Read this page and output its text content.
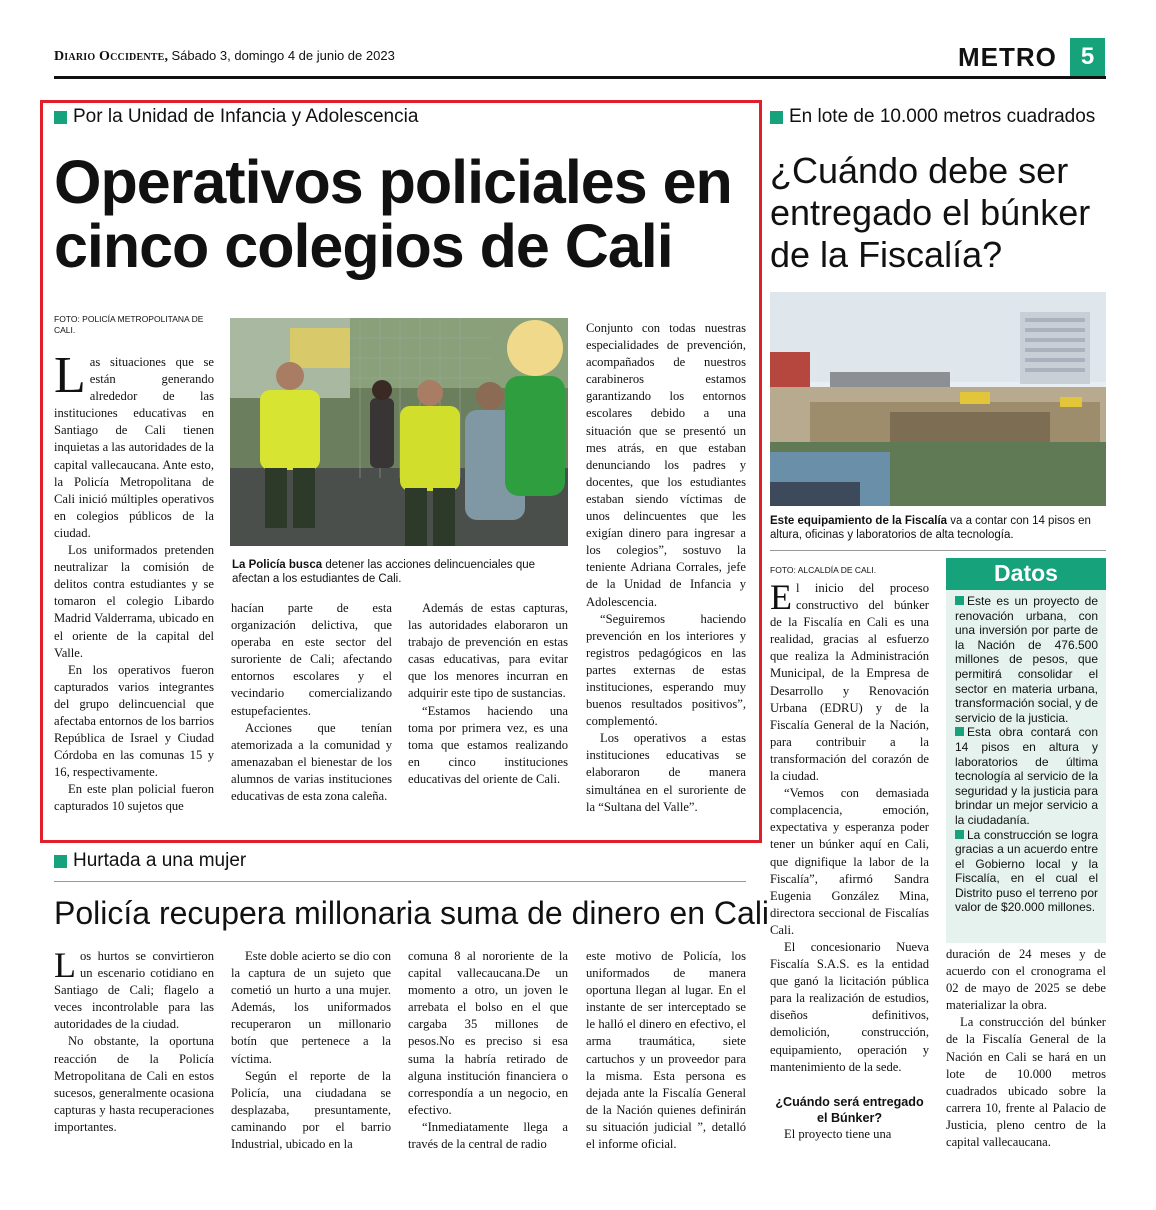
Diario Occidente, Sábado 3, domingo 4 de junio de 2023	METRO 5
Por la Unidad de Infancia y Adolescencia
Operativos policiales en cinco colegios de Cali
FOTO: POLICÍA METROPOLITANA DE CALI.

Las situaciones que se están generando alrededor de las instituciones educativas en Santiago de Cali tienen inquietas a las autoridades de la capital vallecaucana. Ante esto, la Policía Metropolitana de Cali inició múltiples operativos en colegios públicos de la ciudad.

Los uniformados pretenden neutralizar la comisión de delitos contra estudiantes y se tomaron el colegio Libardo Madrid Valderrama, ubicado en el oriente de la capital del Valle.

En los operativos fueron capturados varios integrantes del grupo delincuencial que afectaba entornos de los barrios República de Israel y Ciudad Córdoba en las comunas 15 y 16, respectivamente.

En este plan policial fueron capturados 10 sujetos que

La Policía busca detener las acciones delincuenciales que afectan a los estudiantes de Cali.

hacían parte de esta organización delictiva, que operaba en este sector del suroriente de Cali; afectando entornos escolares y el vecindario comercializando estupefacientes.

Acciones que tenían atemorizada a la comunidad y amenazaban el bienestar de los alumnos de varias instituciones educativas de esta zona caleña.

Además de estas capturas, las autoridades elaboraron un trabajo de prevención en estas casas educativas, para evitar que los menores incurran en adquirir este tipo de sustancias.

“Estamos haciendo una toma por primera vez, es una toma que estamos realizando en cinco instituciones educativas del oriente de Cali.

Conjunto con todas nuestras especialidades de prevención, acompañados de nuestros carabineros estamos garantizando los entornos escolares debido a una situación que se presentó un mes atrás, en que estaban denunciando los padres y docentes, que los estudiantes estaban siendo víctimas de unos delincuentes que les exigían dinero para ingresar a los colegios”, sostuvo la teniente Adriana Corrales, jefe de la Unidad de Infancia y Adolescencia.

“Seguiremos haciendo prevención en los interiores y registros pedagógicos en las partes externas de estas instituciones, esperando muy buenos resultados positivos”, complementó.

Los operativos a estas instituciones educativas se elaboraron de manera simultánea en el suroriente de la “Sultana del Valle”.

En lote de 10.000 metros cuadrados
¿Cuándo debe ser entregado el búnker de la Fiscalía?
Este equipamiento de la Fiscalía va a contar con 14 pisos en altura, oficinas y laboratorios de alta tecnología.
FOTO: ALCALDÍA DE CALI.

El inicio del proceso constructivo del búnker de la Fiscalía en Cali es una realidad, gracias al esfuerzo que realiza la Administración Municipal, de la Empresa de Desarrollo y Renovación Urbana (EDRU) y de la Fiscalía General de la Nación, para contribuir a la transformación del corazón de la ciudad.

“Vemos con demasiada complacencia, emoción, expectativa y esperanza poder tener un búnker aquí en Cali, que dignifique la labor de la Fiscalía”, afirmó Sandra Eugenia González Mina, directora seccional de Fiscalías Cali.

El concesionario Nueva Fiscalía S.A.S. es la entidad que ganó la licitación pública para la realización de estudios, diseños definitivos, demolición, construcción, equipamiento, operación y mantenimiento de la sede.

¿Cuándo será entregado el Búnker?

El proyecto tiene una

Datos
Este es un proyecto de renovación urbana, con una inversión por parte de la Nación de 476.500 millones de pesos, que permitirá consolidar el sector en materia urbana, transformación social, y de servicio de la justicia.
Esta obra contará con 14 pisos en altura y laboratorios de última tecnología al servicio de la seguridad y la justicia para brindar un mejor servicio a la ciudadanía.
La construcción se logra gracias a un acuerdo entre el Gobierno local y la Fiscalía, en el cual el Distrito puso el terreno por valor de $20.000 millones.

duración de 24 meses y de acuerdo con el cronograma el 02 de mayo de 2025 se debe materializar la obra.

La construcción del búnker de la Fiscalía General de la Nación en Cali se hará en un lote de 10.000 metros cuadrados ubicado sobre la carrera 10, frente al Palacio de Justicia, pleno centro de la capital vallecaucana.

Hurtada a una mujer
Policía recupera millonaria suma de dinero en Cali

Los hurtos se convirtieron un escenario cotidiano en Santiago de Cali; flagelo a veces incontrolable para las autoridades de la ciudad.

No obstante, la oportuna reacción de la Policía Metropolitana de Cali en estos sucesos, generalmente ocasiona capturas y hasta recuperaciones importantes.

Este doble acierto se dio con la captura de un sujeto que cometió un hurto a una mujer. Además, los uniformados recuperaron un millonario botín que pertenece a la víctima.

Según el reporte de la Policía, una ciudadana se desplazaba, presuntamente, caminando por el barrio Industrial, ubicado en la

comuna 8 al nororiente de la capital vallecaucana.De un momento a otro, un joven le arrebata el bolso en el que cargaba 35 millones de pesos.No es preciso si esa suma la habría retirado de alguna institución financiera o correspondía a un negocio, en efectivo.

“Inmediatamente llega a través de la central de radio

este motivo de Policía, los uniformados de manera oportuna llegan al lugar. En el instante de ser interceptado se le halló el dinero en efectivo, el arma traumática, siete cartuchos y un proveedor para la misma. Esta persona es dejada ante la Fiscalía General de la Nación quienes definirán su situación judicial ”, detalló el informe oficial.
